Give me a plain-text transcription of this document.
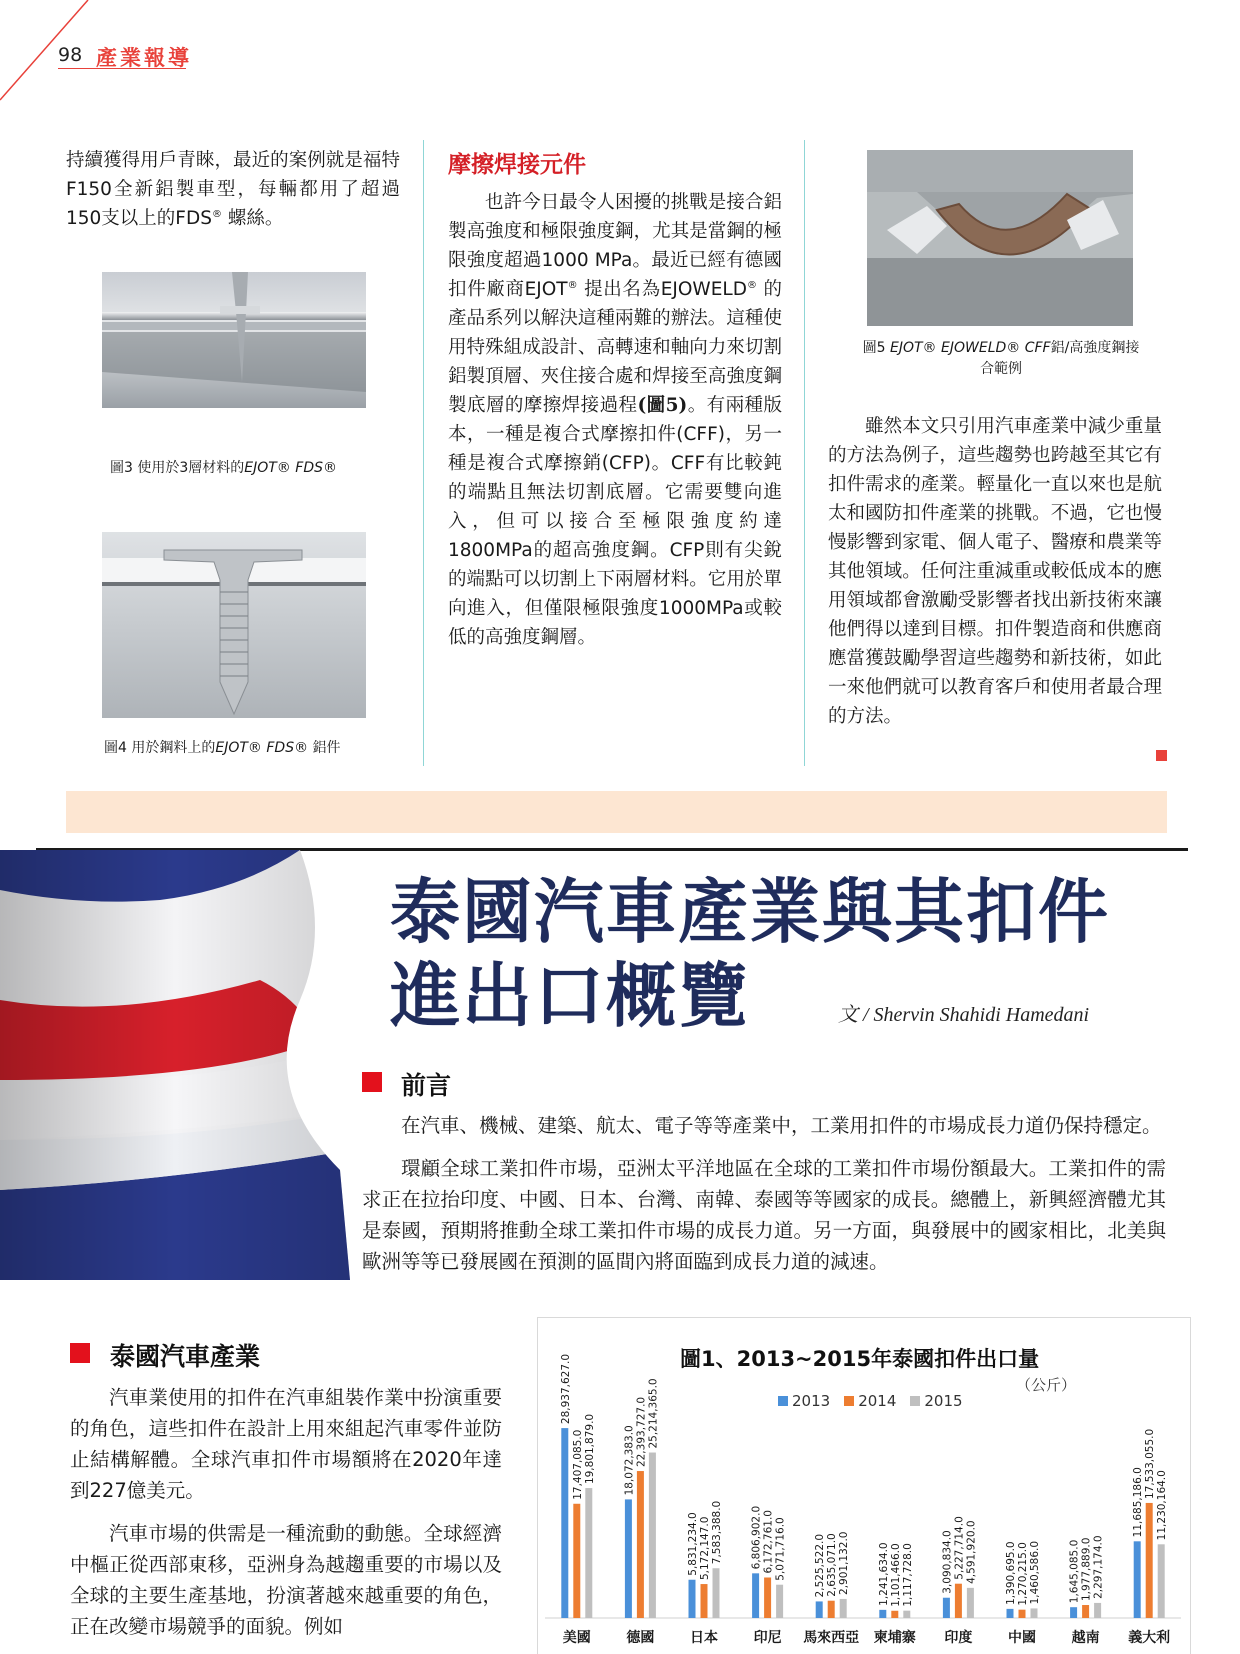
98 產業報導

持續獲得用戶青睞，最近的案例就是福特F150全新鋁製車型，每輛都用了超過150支以上的FDS® 螺絲。

圖3 使用於3層材料的EJOT® FDS®
圖4 用於鋼料上的EJOT® FDS® 鋁件
摩擦焊接元件

也許今日最令人困擾的挑戰是接合鋁製高強度和極限強度鋼，尤其是當鋼的極限強度超過1000 MPa。最近已經有德國扣件廠商EJOT® 提出名為EJOWELD® 的產品系列以解決這種兩難的辦法。這種使用特殊組成設計、高轉速和軸向力來切割鋁製頂層、夾住接合處和焊接至高強度鋼製底層的摩擦焊接過程(圖5)。有兩種版本，一種是複合式摩擦扣件(CFF)，另一種是複合式摩擦銷(CFP)。CFF有比較鈍的端點且無法切割底層。它需要雙向進入，但可以接合至極限強度約達1800MPa的超高強度鋼。CFP則有尖銳的端點可以切割上下兩層材料。它用於單向進入，但僅限極限強度1000MPa或較低的高強度鋼層。

圖5 EJOT® EJOWELD® CFF鋁/高強度鋼接合範例

雖然本文只引用汽車產業中減少重量的方法為例子，這些趨勢也跨越至其它有扣件需求的產業。輕量化一直以來也是航太和國防扣件產業的挑戰。不過，它也慢慢影響到家電、個人電子、醫療和農業等其他領域。任何注重減重或較低成本的應用領域都會激勵受影響者找出新技術來讓他們得以達到目標。扣件製造商和供應商應當獲鼓勵學習這些趨勢和新技術，如此一來他們就可以教育客戶和使用者最合理的方法。

泰國汽車產業與其扣件
進出口概覽	文 / Shervin Shahidi Hamedani
前言

在汽車、機械、建築、航太、電子等等產業中，工業用扣件的市場成長力道仍保持穩定。

環顧全球工業扣件市場，亞洲太平洋地區在全球的工業扣件市場份額最大。工業扣件的需求正在拉抬印度、中國、日本、台灣、南韓、泰國等等國家的成長。總體上，新興經濟體尤其是泰國，預期將推動全球工業扣件市場的成長力道。另一方面，與發展中的國家相比，北美與歐洲等等已發展國在預測的區間內將面臨到成長力道的減速。

泰國汽車產業

汽車業使用的扣件在汽車組裝作業中扮演重要的角色，這些扣件在設計上用來組起汽車零件並防止結構解體。全球汽車扣件市場額將在2020年達到227億美元。

汽車市場的供需是一種流動的動態。全球經濟中樞正從西部東移，亞洲身為越趨重要的市場以及全球的主要生產基地，扮演著越來越重要的角色，正在改變市場競爭的面貌。例如

圖1、2013~2015年泰國扣件出口量
（公斤）
2013 2014 2015
28,937,627.0
17,407,085.0 19,801,879.0
美國
18,072,383.0 22,393,727.0 25,214,365.0
德國
5,831,234.0 5,172,147.0 7,583,388.0
日本
6,806,902.0 6,172,761.0 5,071,716.0
印尼
2,525,522.0 2,635,071.0 2,901,132.0
馬來西亞
1,241,634.0 1,101,466.0 1,117,728.0
柬埔寨
3,090,834.0 5,227,714.0 4,591,920.0
印度
1,390,695.0 1,270,215.0 1,460,586.0
中國
1,645,085.0 1,977,889.0 2,297,174.0
越南
11,685,186.0
17,533,055.0
11,230,164.0
義大利
